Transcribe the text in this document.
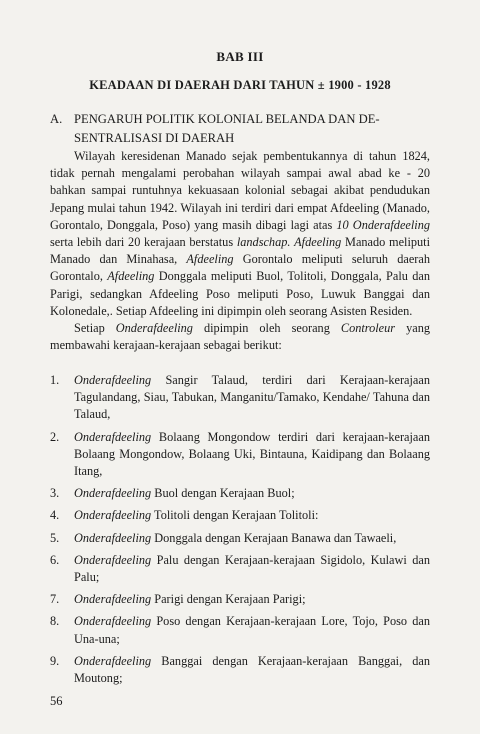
BAB III
KEADAAN DI DAERAH DARI TAHUN ± 1900 - 1928
A. PENGARUH POLITIK KOLONIAL BELANDA DAN DE-
SENTRALISASI DI DAERAH

Wilayah keresidenan Manado sejak pembentukannya di tahun 1824, tidak pernah mengalami perobahan wilayah sampai awal abad ke - 20 bahkan sampai runtuhnya kekuasaan kolonial sebagai akibat pendudukan Jepang mulai tahun 1942. Wilayah ini terdiri dari empat Afdeeling (Manado, Gorontalo, Donggala, Poso) yang masih dibagi lagi atas 10 Onderafdeeling serta lebih dari 20 kerajaan berstatus landschap. Afdeeling Manado meliputi Manado dan Minahasa, Afdeeling Gorontalo meliputi seluruh daerah Gorontalo, Afdeeling Donggala meliputi Buol, Tolitoli, Donggala, Palu dan Parigi, sedangkan Afdeeling Poso meliputi Poso, Luwuk Banggai dan Kolonedale,. Setiap Afdeeling ini dipimpin oleh seorang Asisten Residen.

Setiap Onderafdeeling dipimpin oleh seorang Controleur yang membawahi kerajaan-kerajaan sebagai berikut:

1. Onderafdeeling Sangir Talaud, terdiri dari Kerajaan-kerajaan Tagulandang, Siau, Tabukan, Manganitu/Tamako, Kendahe/ Tahuna dan Talaud,
2. Onderafdeeling Bolaang Mongondow terdiri dari kerajaan-kerajaan Bolaang Mongondow, Bolaang Uki, Bintauna, Kaidipang dan Bolaang Itang,
3. Onderafdeeling Buol dengan Kerajaan Buol;
4. Onderafdeeling Tolitoli dengan Kerajaan Tolitoli:
5. Onderafdeeling Donggala dengan Kerajaan Banawa dan Tawaeli,
6. Onderafdeeling Palu dengan Kerajaan-kerajaan Sigidolo, Kulawi dan Palu;
7. Onderafdeeling Parigi dengan Kerajaan Parigi;
8. Onderafdeeling Poso dengan Kerajaan-kerajaan Lore, Tojo, Poso dan Una-una;
9. Onderafdeeling Banggai dengan Kerajaan-kerajaan Banggai, dan Moutong;
56
